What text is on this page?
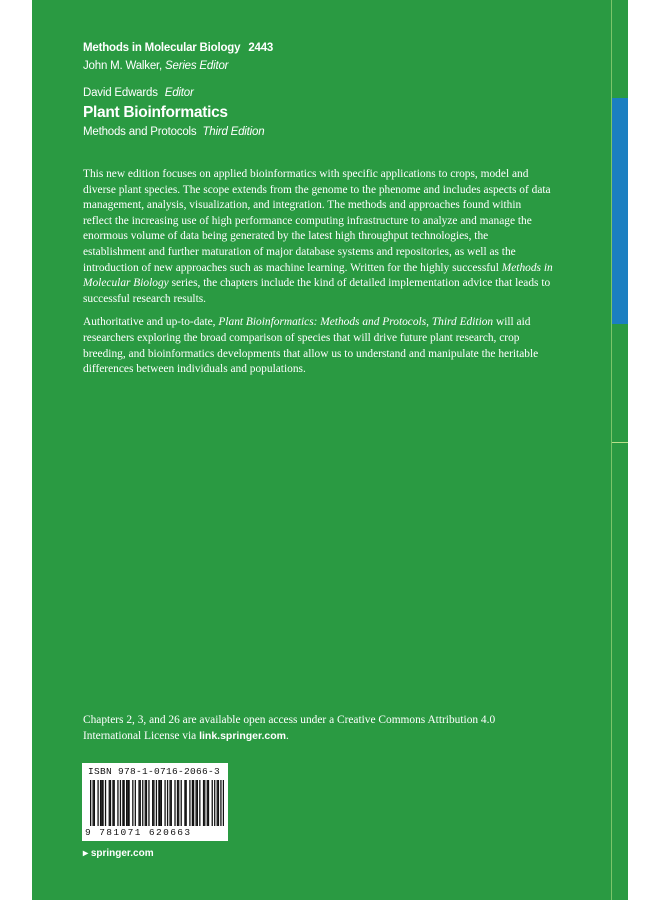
Methods in Molecular Biology 2443
John M. Walker, Series Editor
David Edwards Editor
Plant Bioinformatics
Methods and Protocols Third Edition

This new edition focuses on applied bioinformatics with specific applications to crops, model and diverse plant species. The scope extends from the genome to the phenome and includes aspects of data management, analysis, visualization, and integration. The methods and approaches found within reflect the increasing use of high performance computing infrastructure to analyze and manage the enormous volume of data being generated by the latest high throughput technologies, the establishment and further maturation of major database systems and repositories, as well as the introduction of new approaches such as machine learning. Written for the highly successful Methods in Molecular Biology series, the chapters include the kind of detailed implementation advice that leads to successful research results.

Authoritative and up-to-date, Plant Bioinformatics: Methods and Protocols, Third Edition will aid researchers exploring the broad comparison of species that will drive future plant research, crop breeding, and bioinformatics developments that allow us to understand and manipulate the heritable differences between individuals and populations.

Chapters 2, 3, and 26 are available open access under a Creative Commons Attribution 4.0 International License via link.springer.com.
ISBN 978-1-0716-2066-3
9 781071 620663
▸ springer.com
